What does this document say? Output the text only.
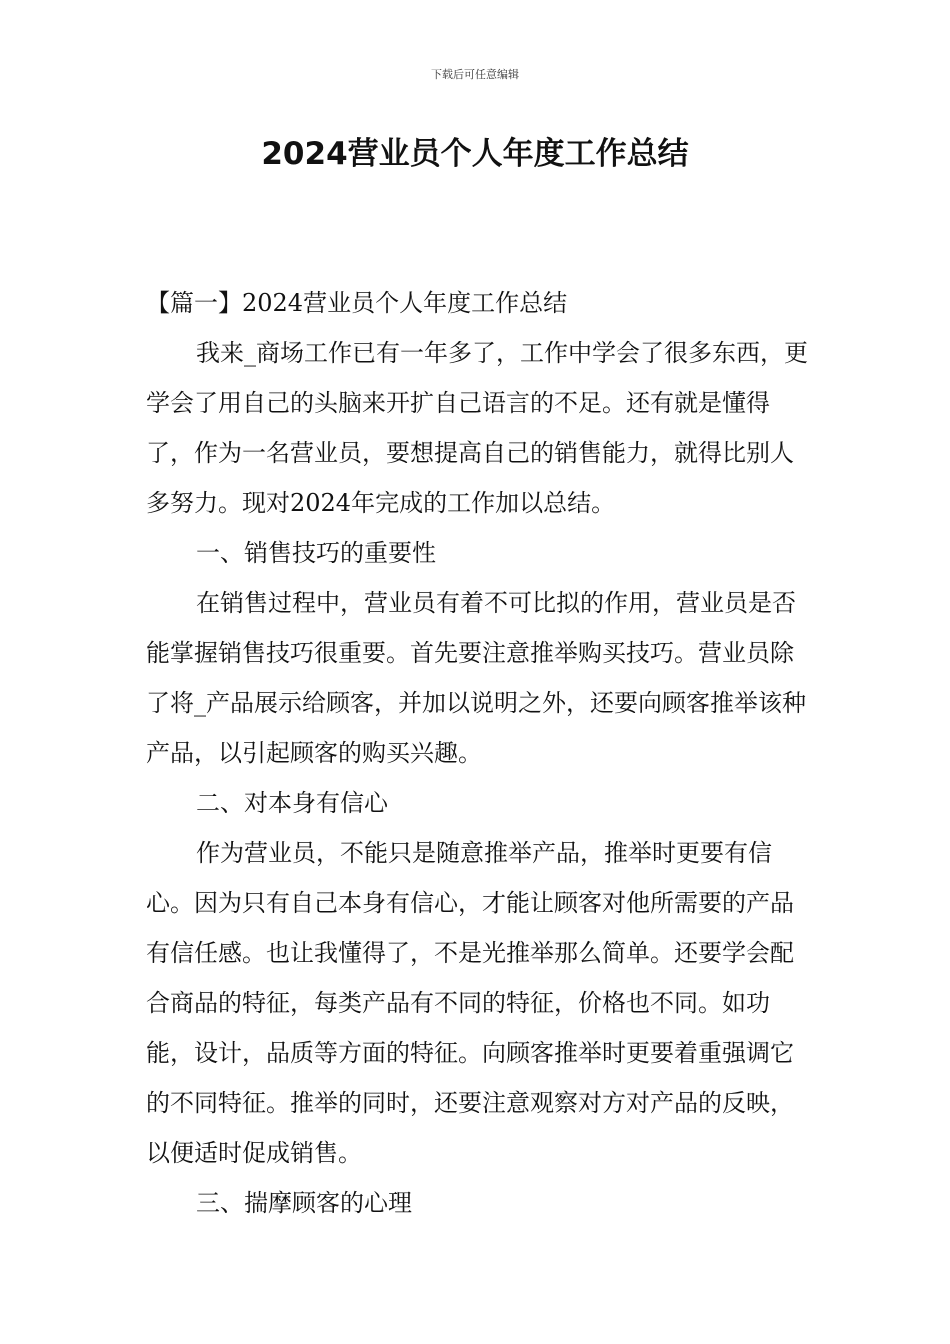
下载后可任意编辑
2024营业员个人年度工作总结

【篇一】2024营业员个人年度工作总结

我来_商场工作已有一年多了，工作中学会了很多东西，更学会了用自己的头脑来开扩自己语言的不足。还有就是懂得了，作为一名营业员，要想提高自己的销售能力，就得比别人多努力。现对2024年完成的工作加以总结。

一、销售技巧的重要性

在销售过程中，营业员有着不可比拟的作用，营业员是否能掌握销售技巧很重要。首先要注意推举购买技巧。营业员除了将_产品展示给顾客，并加以说明之外，还要向顾客推举该种产品，以引起顾客的购买兴趣。

二、对本身有信心

作为营业员，不能只是随意推举产品，推举时更要有信心。因为只有自己本身有信心，才能让顾客对他所需要的产品有信任感。也让我懂得了，不是光推举那么简单。还要学会配合商品的特征，每类产品有不同的特征，价格也不同。如功能，设计，品质等方面的特征。向顾客推举时更要着重强调它的不同特征。推举的同时，还要注意观察对方对产品的反映，以便适时促成销售。

三、揣摩顾客的心理
